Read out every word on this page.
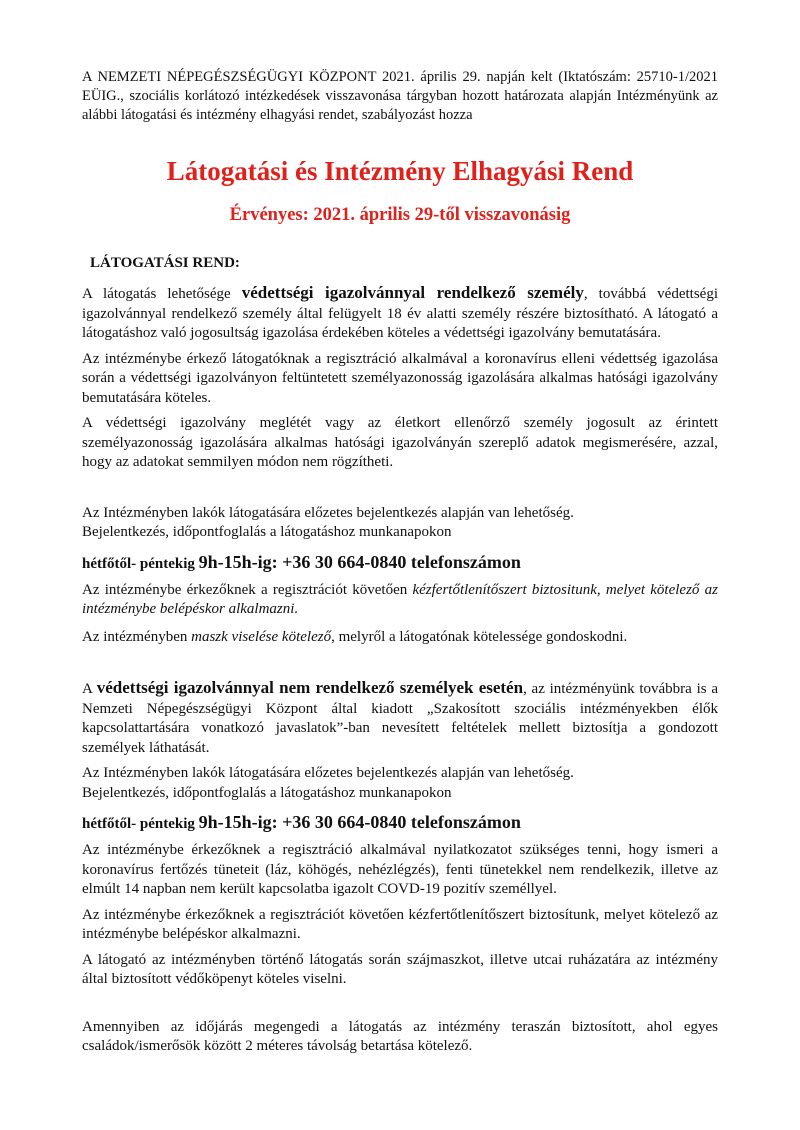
A NEMZETI NÉPEGÉSZSÉGÜGYI KÖZPONT 2021. április 29. napján kelt (Iktatószám: 25710-1/2021 EÜIG., szociális korlátozó intézkedések visszavonása tárgyban hozott határozata alapján Intézményünk az alábbi látogatási és intézmény elhagyási rendet, szabályozást hozza

Látogatási és Intézmény Elhagyási Rend
Érvényes: 2021. április 29-től visszavonásig
LÁTOGATÁSI REND:

A látogatás lehetősége védettségi igazolvánnyal rendelkező személy, továbbá védettségi igazolvánnyal rendelkező személy által felügyelt 18 év alatti személy részére biztosítható. A látogató a látogatáshoz való jogosultság igazolása érdekében köteles a védettségi igazolvány bemutatására.

Az intézménybe érkező látogatóknak a regisztráció alkalmával a koronavírus elleni védettség igazolása során a védettségi igazolványon feltüntetett személyazonosság igazolására alkalmas hatósági igazolvány bemutatására köteles.

A védettségi igazolvány meglétét vagy az életkort ellenőrző személy jogosult az érintett személyazonosság igazolására alkalmas hatósági igazolványán szereplő adatok megismerésére, azzal, hogy az adatokat semmilyen módon nem rögzítheti.

Az Intézményben lakók látogatására előzetes bejelentkezés alapján van lehetőség.
Bejelentkezés, időpontfoglalás a látogatáshoz munkanapokon

hétfőtől- péntekig 9h-15h-ig: +36 30 664-0840 telefonszámon

Az intézménybe érkezőknek a regisztrációt követően kézfertőtlenítőszert biztositunk, melyet kötelező az intézménybe belépéskor alkalmazni.

Az intézményben maszk viselése kötelező, melyről a látogatónak kötelessége gondoskodni.

A védettségi igazolvánnyal nem rendelkező személyek esetén, az intézményünk továbbra is a Nemzeti Népegészségügyi Központ által kiadott „Szakosított szociális intézményekben élők kapcsolattartására vonatkozó javaslatok”-ban nevesített feltételek mellett biztosítja a gondozott személyek láthatását.

Az Intézményben lakók látogatására előzetes bejelentkezés alapján van lehetőség.
Bejelentkezés, időpontfoglalás a látogatáshoz munkanapokon

hétfőtől- péntekig 9h-15h-ig: +36 30 664-0840 telefonszámon

Az intézménybe érkezőknek a regisztráció alkalmával nyilatkozatot szükséges tenni, hogy ismeri a koronavírus fertőzés tüneteit (láz, köhögés, nehézlégzés), fenti tünetekkel nem rendelkezik, illetve az elmúlt 14 napban nem került kapcsolatba igazolt COVD-19 pozitív személlyel.

Az intézménybe érkezőknek a regisztrációt követően kézfertőtlenítőszert biztosítunk, melyet kötelező az intézménybe belépéskor alkalmazni.

A látogató az intézményben történő látogatás során szájmaszkot, illetve utcai ruházatára az intézmény által biztosított védőköpenyt köteles viselni.

Amennyiben az időjárás megengedi a látogatás az intézmény teraszán biztosított, ahol egyes családok/ismerősök között 2 méteres távolság betartása kötelező.
